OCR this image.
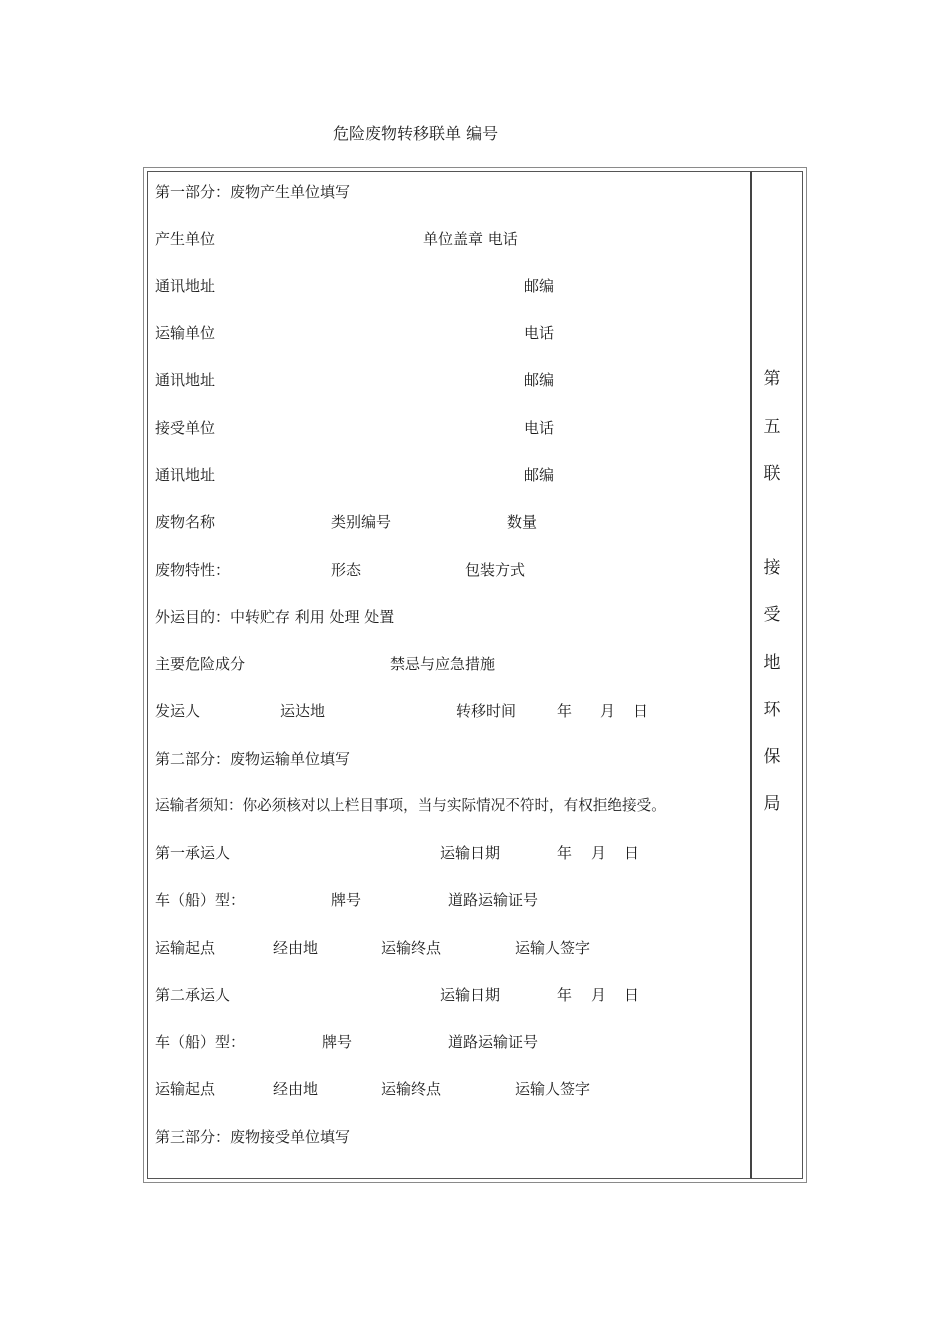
危险废物转移联单 编号
第一部分：废物产生单位填写
产生单位	单位盖章 电话
通讯地址	邮编
运输单位	电话
通讯地址	邮编
接受单位	电话
通讯地址	邮编
废物名称	类别编号	数量
废物特性：	形态	包装方式
外运目的：中转贮存 利用 处理 处置
主要危险成分	禁忌与应急措施
发运人	运达地	转移时间	年 月 日
第二部分：废物运输单位填写
运输者须知：你必须核对以上栏目事项，当与实际情况不符时，有权拒绝接受。
第一承运人	运输日期	年 月 日
车（船）型：	牌号	道路运输证号
运输起点	经由地	运输终点	运输人签字
第二承运人	运输日期	年 月 日
车（船）型：	牌号	道路运输证号
运输起点	经由地	运输终点	运输人签字
第三部分：废物接受单位填写
第
五
联
接
受
地
环
保
局
